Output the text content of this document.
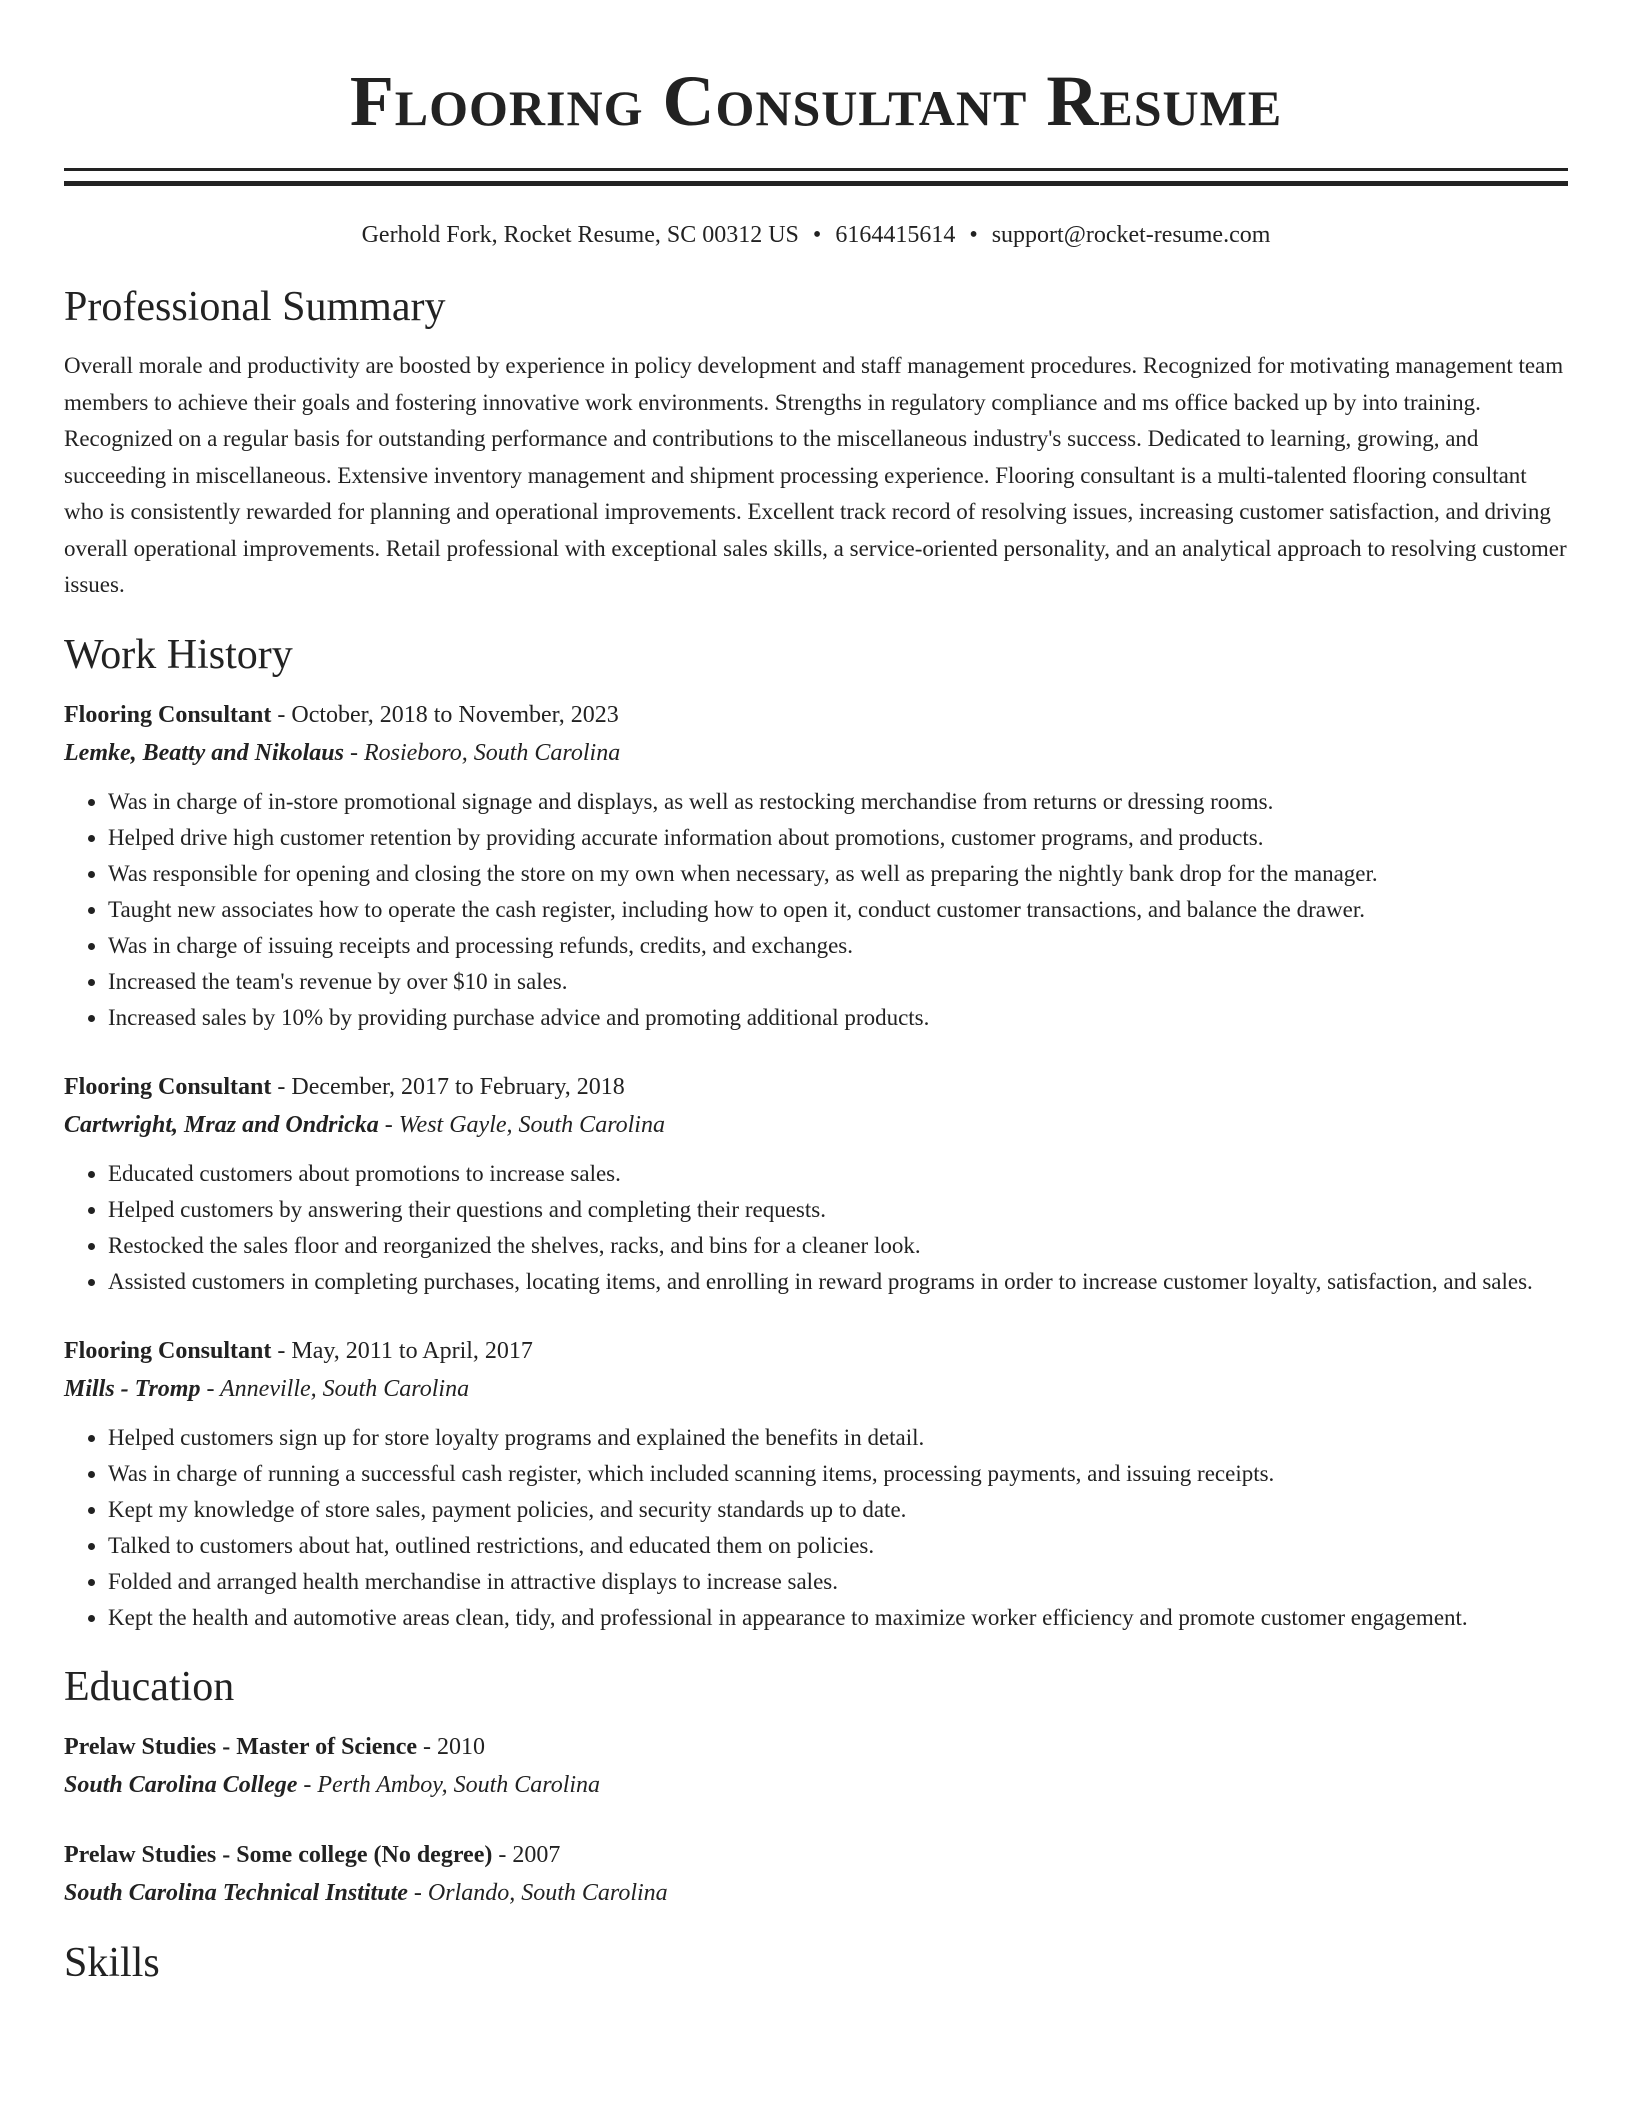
Flooring Consultant Resume
Gerhold Fork, Rocket Resume, SC 00312 US • 6164415614 • support@rocket-resume.com
Professional Summary
Overall morale and productivity are boosted by experience in policy development and staff management procedures. Recognized for motivating management team members to achieve their goals and fostering innovative work environments. Strengths in regulatory compliance and ms office backed up by into training. Recognized on a regular basis for outstanding performance and contributions to the miscellaneous industry's success. Dedicated to learning, growing, and succeeding in miscellaneous. Extensive inventory management and shipment processing experience. Flooring consultant is a multi-talented flooring consultant who is consistently rewarded for planning and operational improvements. Excellent track record of resolving issues, increasing customer satisfaction, and driving overall operational improvements. Retail professional with exceptional sales skills, a service-oriented personality, and an analytical approach to resolving customer issues.
Work History
Flooring Consultant - October, 2018 to November, 2023
Lemke, Beatty and Nikolaus - Rosieboro, South Carolina
• Was in charge of in-store promotional signage and displays, as well as restocking merchandise from returns or dressing rooms.
• Helped drive high customer retention by providing accurate information about promotions, customer programs, and products.
• Was responsible for opening and closing the store on my own when necessary, as well as preparing the nightly bank drop for the manager.
• Taught new associates how to operate the cash register, including how to open it, conduct customer transactions, and balance the drawer.
• Was in charge of issuing receipts and processing refunds, credits, and exchanges.
• Increased the team's revenue by over $10 in sales.
• Increased sales by 10% by providing purchase advice and promoting additional products.
Flooring Consultant - December, 2017 to February, 2018
Cartwright, Mraz and Ondricka - West Gayle, South Carolina
• Educated customers about promotions to increase sales.
• Helped customers by answering their questions and completing their requests.
• Restocked the sales floor and reorganized the shelves, racks, and bins for a cleaner look.
• Assisted customers in completing purchases, locating items, and enrolling in reward programs in order to increase customer loyalty, satisfaction, and sales.
Flooring Consultant - May, 2011 to April, 2017
Mills - Tromp - Anneville, South Carolina
• Helped customers sign up for store loyalty programs and explained the benefits in detail.
• Was in charge of running a successful cash register, which included scanning items, processing payments, and issuing receipts.
• Kept my knowledge of store sales, payment policies, and security standards up to date.
• Talked to customers about hat, outlined restrictions, and educated them on policies.
• Folded and arranged health merchandise in attractive displays to increase sales.
• Kept the health and automotive areas clean, tidy, and professional in appearance to maximize worker efficiency and promote customer engagement.
Education
Prelaw Studies - Master of Science - 2010
South Carolina College - Perth Amboy, South Carolina
Prelaw Studies - Some college (No degree) - 2007
South Carolina Technical Institute - Orlando, South Carolina
Skills
